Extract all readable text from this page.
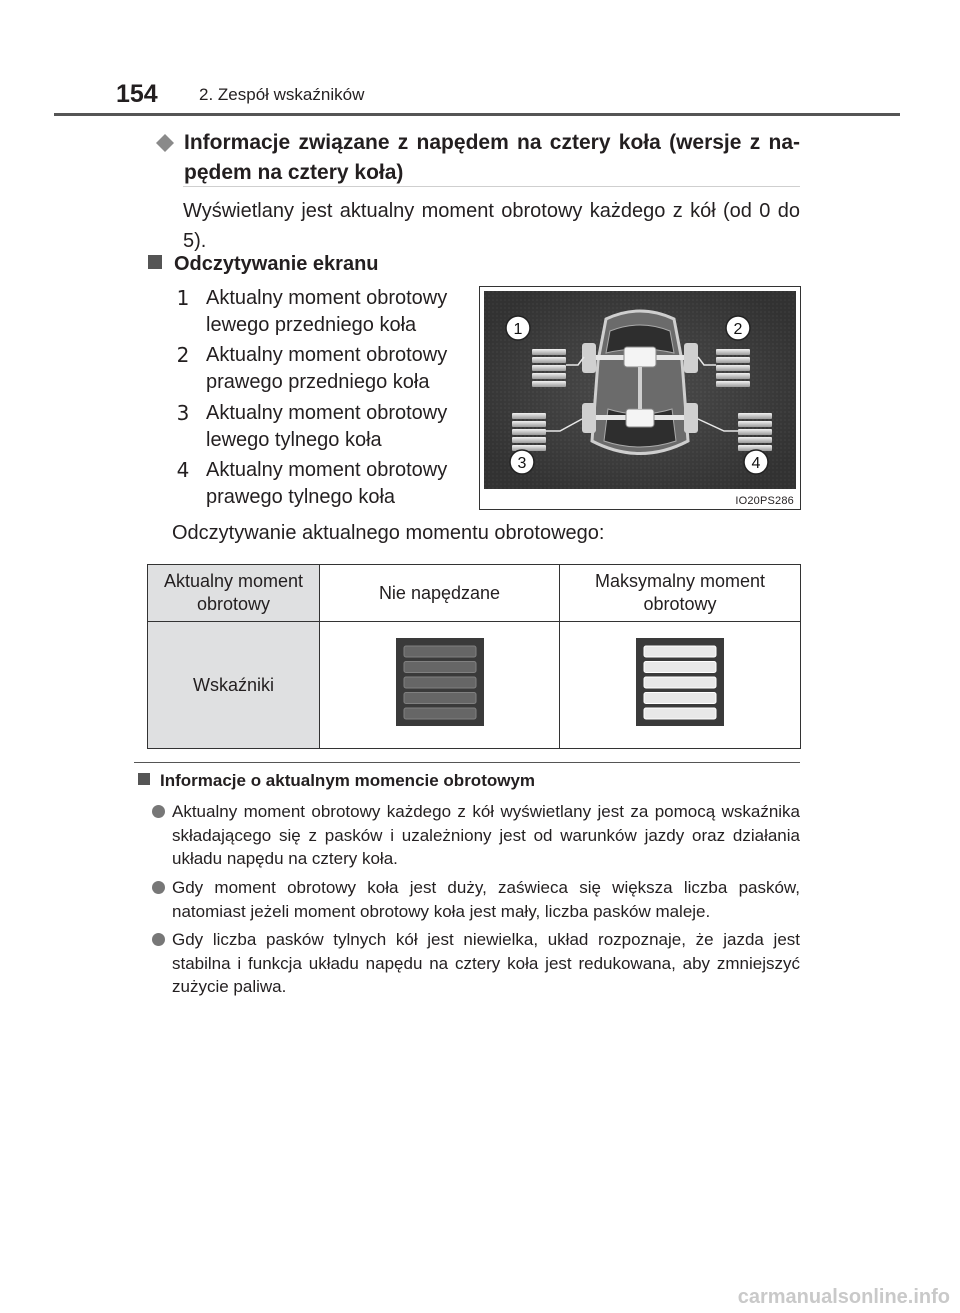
154 2. Zespół wskaźników
Informacje związane z napędem na cztery koła (wersje z na-pędem na cztery koła)
Wyświetlany jest aktualny moment obrotowy każdego z kół (od 0 do 5).
Odczytywanie ekranu
1 Aktualny moment obrotowy lewego przedniego koła
2 Aktualny moment obrotowy prawego przedniego koła
3 Aktualny moment obrotowy lewego tylnego koła
4 Aktualny moment obrotowy prawego tylnego koła
1	2
3	4
IO20PS286
Odczytywanie aktualnego momentu obrotowego:
Aktualny moment obrotowy	Nie napędzane	Maksymalny moment obrotowy
Wskaźniki		
Informacje o aktualnym momencie obrotowym
Aktualny moment obrotowy każdego z kół wyświetlany jest za pomocą wskaźnika składającego się z pasków i uzależniony jest od warunków jazdy oraz działania układu napędu na cztery koła.
Gdy moment obrotowy koła jest duży, zaświeca się większa liczba pasków, natomiast jeżeli moment obrotowy koła jest mały, liczba pasków maleje.
Gdy liczba pasków tylnych kół jest niewielka, układ rozpoznaje, że jazda jest stabilna i funkcja układu napędu na cztery koła jest redukowana, aby zmniejszyć zużycie paliwa.
carmanualsonline.info
